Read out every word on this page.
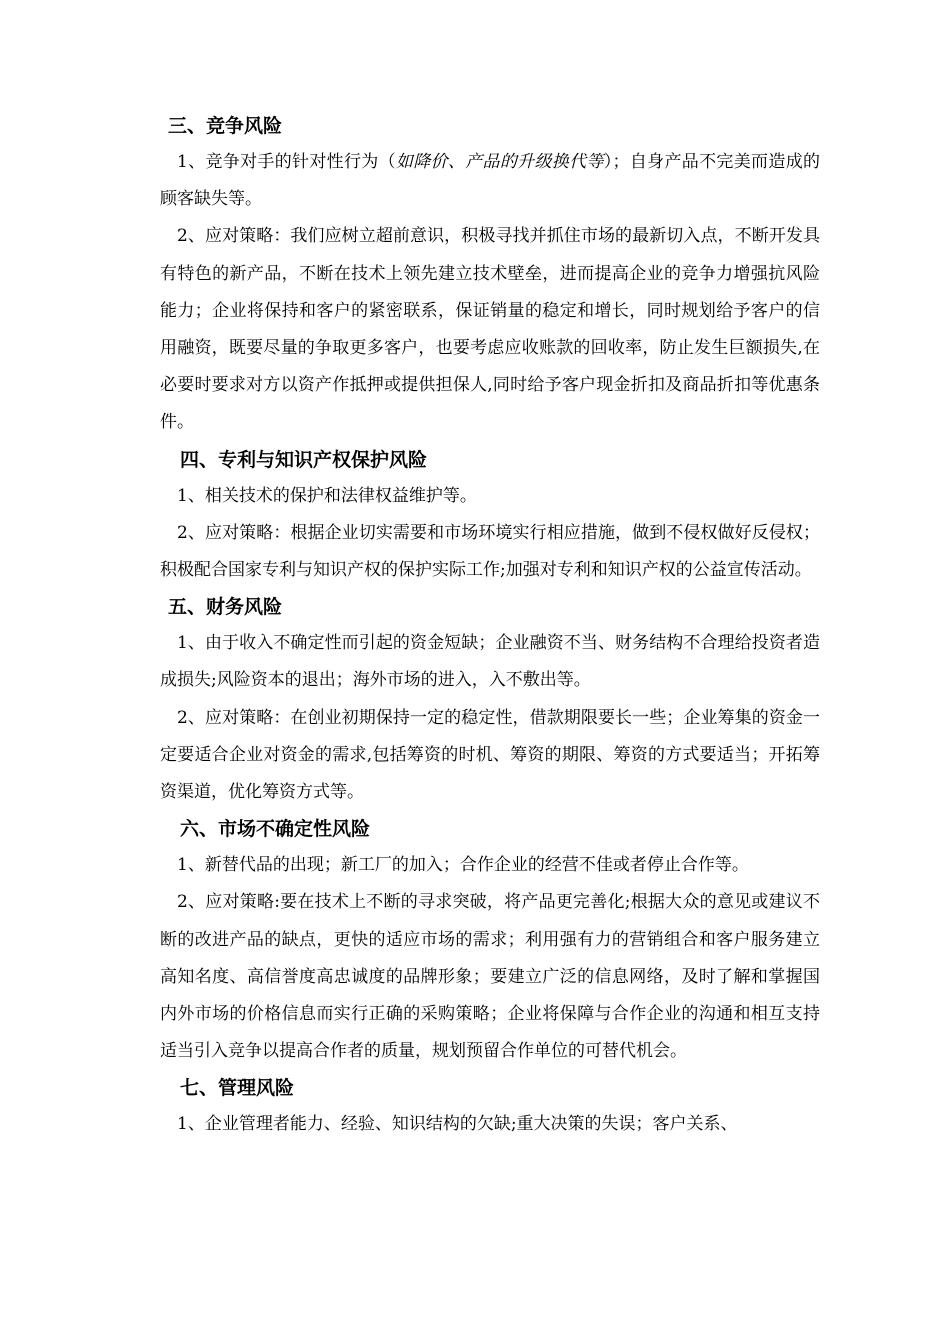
三、竞争风险

1、竞争对手的针对性行为（如降价、产品的升级换代等）；自身产品不完美而造成的顾客缺失等。

2、应对策略：我们应树立超前意识，积极寻找并抓住市场的最新切入点，不断开发具有特色的新产品，不断在技术上领先建立技术壁垒，进而提高企业的竞争力增强抗风险能力；企业将保持和客户的紧密联系，保证销量的稳定和增长，同时规划给予客户的信用融资，既要尽量的争取更多客户，也要考虑应收账款的回收率，防止发生巨额损失,在必要时要求对方以资产作抵押或提供担保人,同时给予客户现金折扣及商品折扣等优惠条件。

四、专利与知识产权保护风险

1、相关技术的保护和法律权益维护等。

2、应对策略：根据企业切实需要和市场环境实行相应措施，做到不侵权做好反侵权；积极配合国家专利与知识产权的保护实际工作;加强对专利和知识产权的公益宣传活动。

五、财务风险

1、由于收入不确定性而引起的资金短缺；企业融资不当、财务结构不合理给投资者造成损失;风险资本的退出；海外市场的进入，入不敷出等。

2、应对策略：在创业初期保持一定的稳定性，借款期限要长一些；企业筹集的资金一定要适合企业对资金的需求,包括筹资的时机、筹资的期限、筹资的方式要适当；开拓筹资渠道，优化筹资方式等。

六、市场不确定性风险

1、新替代品的出现；新工厂的加入；合作企业的经营不佳或者停止合作等。

2、应对策略:要在技术上不断的寻求突破，将产品更完善化;根据大众的意见或建议不断的改进产品的缺点，更快的适应市场的需求；利用强有力的营销组合和客户服务建立高知名度、高信誉度高忠诚度的品牌形象；要建立广泛的信息网络，及时了解和掌握国内外市场的价格信息而实行正确的采购策略；企业将保障与合作企业的沟通和相互支持适当引入竞争以提高合作者的质量，规划预留合作单位的可替代机会。

七、管理风险

1、企业管理者能力、经验、知识结构的欠缺;重大决策的失误；客户关系、
